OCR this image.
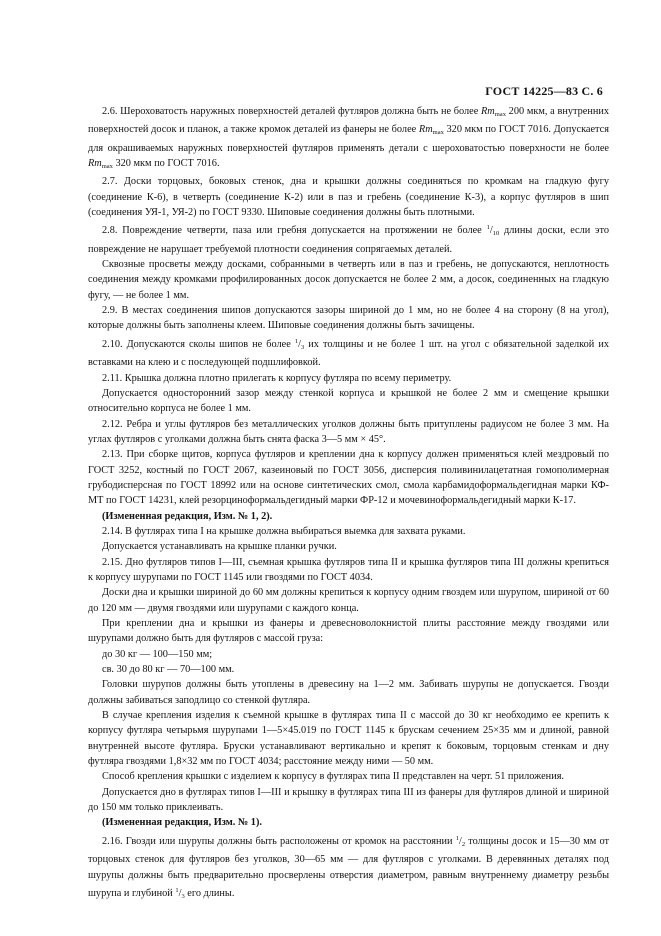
ГОСТ 14225—83 С. 6

2.6. Шероховатость наружных поверхностей деталей футляров должна быть не более $Rm_{max}$ 200 мкм, а внутренних поверхностей досок и планок, а также кромок деталей из фанеры не более $Rm_{max}$ 320 мкм по ГОСТ 7016. Допускается для окрашиваемых наружных поверхностей футляров применять детали с шероховатостью поверхности не более $Rm_{max}$ 320 мкм по ГОСТ 7016.

2.7. Доски торцовых, боковых стенок, дна и крышки должны соединяться по кромкам на гладкую фугу (соединение К-6), в четверть (соединение К-2) или в паз и гребень (соединение К-3), а корпус футляров в шип (соединения УЯ-1, УЯ-2) по ГОСТ 9330. Шиповые соединения должны быть плотными.

2.8. Повреждение четверти, паза или гребня допускается на протяжении не более $^1/_{10}$ длины доски, если это повреждение не нарушает требуемой плотности соединения сопрягаемых деталей.

Сквозные просветы между досками, собранными в четверть или в паз и гребень, не допускаются, неплотность соединения между кромками профилированных досок допускается не более 2 мм, а досок, соединенных на гладкую фугу, — не более 1 мм.

2.9. В местах соединения шипов допускаются зазоры шириной до 1 мм, но не более 4 на сторону (8 на угол), которые должны быть заполнены клеем. Шиповые соединения должны быть зачищены.

2.10. Допускаются сколы шипов не более $^1/_3$ их толщины и не более 1 шт. на угол с обязательной заделкой их вставками на клею и с последующей подшлифовкой.

2.11. Крышка должна плотно прилегать к корпусу футляра по всему периметру.

Допускается односторонний зазор между стенкой корпуса и крышкой не более 2 мм и смещение крышки относительно корпуса не более 1 мм.

2.12. Ребра и углы футляров без металлических уголков должны быть притуплены радиусом не более 3 мм. На углах футляров с уголками должна быть снята фаска 3—5 мм × 45°.

2.13. При сборке щитов, корпуса футляров и креплении дна к корпусу должен применяться клей мездровый по ГОСТ 3252, костный по ГОСТ 2067, казеиновый по ГОСТ 3056, дисперсия поливинилацетатная гомополимерная грубодисперсная по ГОСТ 18992 или на основе синтетических смол, смола карбамидоформальдегидная марки КФ-МТ по ГОСТ 14231, клей резорциноформальдегидный марки ФР-12 и мочевиноформальдегидный марки К-17.

(Измененная редакция, Изм. № 1, 2).

2.14. В футлярах типа I на крышке должна выбираться выемка для захвата руками.

Допускается устанавливать на крышке планки ручки.

2.15. Дно футляров типов I—III, съемная крышка футляров типа II и крышка футляров типа III должны крепиться к корпусу шурупами по ГОСТ 1145 или гвоздями по ГОСТ 4034.

Доски дна и крышки шириной до 60 мм должны крепиться к корпусу одним гвоздем или шурупом, шириной от 60 до 120 мм — двумя гвоздями или шурупами с каждого конца.

При креплении дна и крышки из фанеры и древесноволокнистой плиты расстояние между гвоздями или шурупами должно быть для футляров с массой груза:

до 30 кг — 100—150 мм;

св. 30 до 80 кг — 70—100 мм.

Головки шурупов должны быть утоплены в древесину на 1—2 мм. Забивать шурупы не допускается. Гвозди должны забиваться заподлицо со стенкой футляра.

В случае крепления изделия к съемной крышке в футлярах типа II с массой до 30 кг необходимо ее крепить к корпусу футляра четырьмя шурупами 1—5×45.019 по ГОСТ 1145 к брускам сечением 25×35 мм и длиной, равной внутренней высоте футляра. Бруски устанавливают вертикально и крепят к боковым, торцовым стенкам и дну футляра гвоздями 1,8×32 мм по ГОСТ 4034; расстояние между ними — 50 мм.

Способ крепления крышки с изделием к корпусу в футлярах типа II представлен на черт. 51 приложения.

Допускается дно в футлярах типов I—III и крышку в футлярах типа III из фанеры для футляров длиной и шириной до 150 мм только приклеивать.

(Измененная редакция, Изм. № 1).

2.16. Гвозди или шурупы должны быть расположены от кромок на расстоянии $^1/_2$ толщины досок и 15—30 мм от торцовых стенок для футляров без уголков, 30—65 мм — для футляров с уголками. В деревянных деталях под шурупы должны быть предварительно просверлены отверстия диаметром, равным внутреннему диаметру резьбы шурупа и глубиной $^1/_3$ его длины.
